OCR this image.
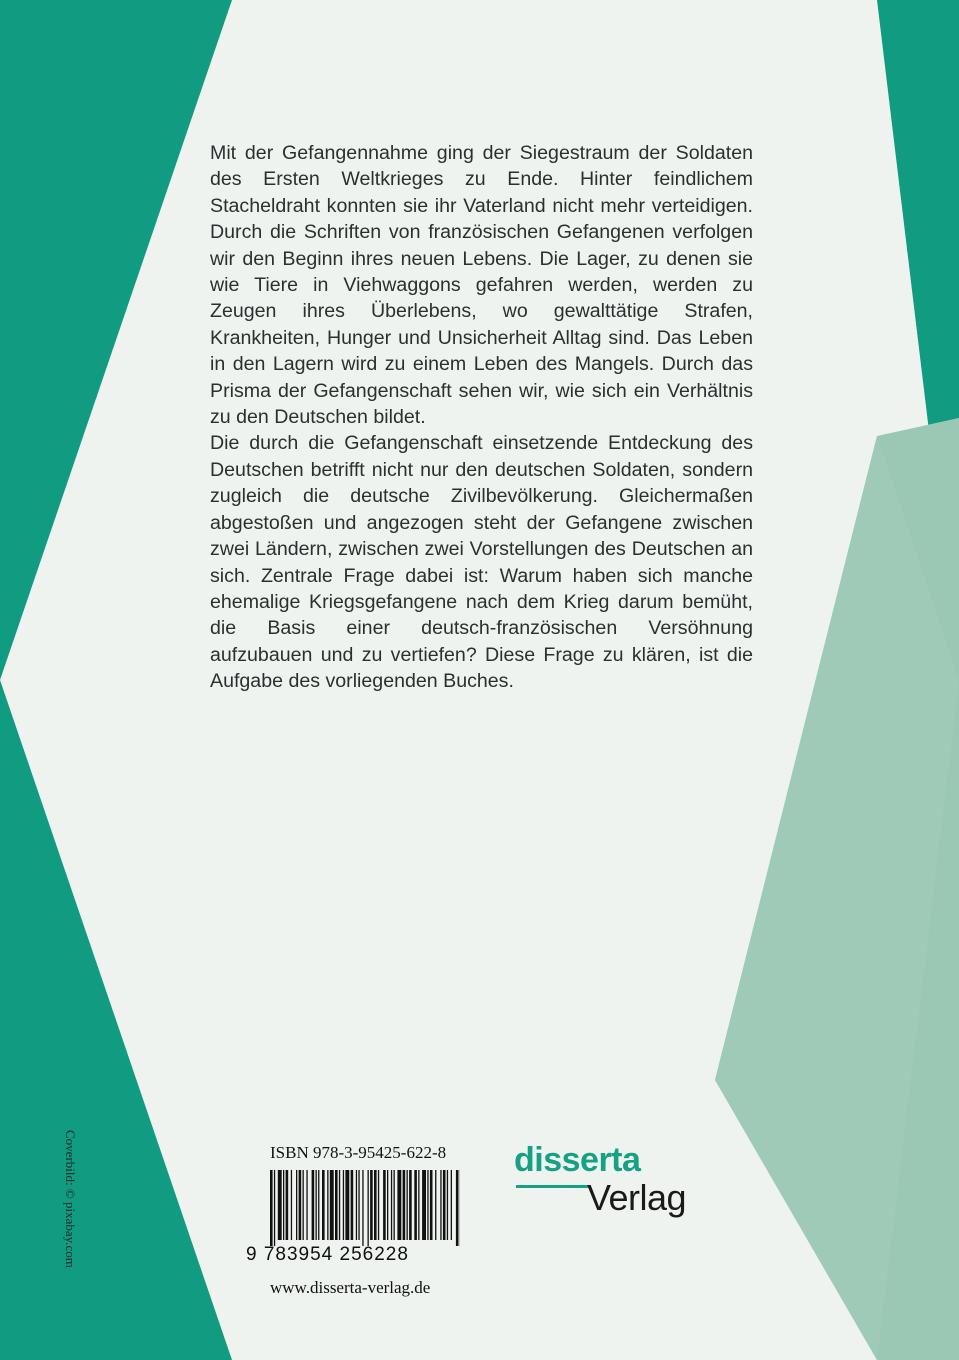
Mit der Gefangennahme ging der Siegestraum der Soldaten des Ersten Weltkrieges zu Ende. Hinter feindlichem Stacheldraht konnten sie ihr Vaterland nicht mehr verteidigen. Durch die Schriften von französischen Gefangenen verfolgen wir den Beginn ihres neuen Lebens. Die Lager, zu denen sie wie Tiere in Viehwaggons gefahren werden, werden zu Zeugen ihres Überlebens, wo gewalttätige Strafen, Krankheiten, Hunger und Unsicherheit Alltag sind. Das Leben in den Lagern wird zu einem Leben des Mangels. Durch das Prisma der Gefangenschaft sehen wir, wie sich ein Verhältnis zu den Deutschen bildet.

Die durch die Gefangenschaft einsetzende Entdeckung des Deutschen betrifft nicht nur den deutschen Soldaten, sondern zugleich die deutsche Zivilbevölkerung. Gleichermaßen abgestoßen und angezogen steht der Gefangene zwischen zwei Ländern, zwischen zwei Vorstellungen des Deutschen an sich. Zentrale Frage dabei ist: Warum haben sich manche ehemalige Kriegsgefangene nach dem Krieg darum bemüht, die Basis einer deutsch-französischen Versöhnung aufzubauen und zu vertiefen? Diese Frage zu klären, ist die Aufgabe des vorliegenden Buches.

Coverbild: © pixabay.com	ISBN 978-3-95425-622-8
9 783954 256228
www.disserta-verlag.de
disserta
Verlag
